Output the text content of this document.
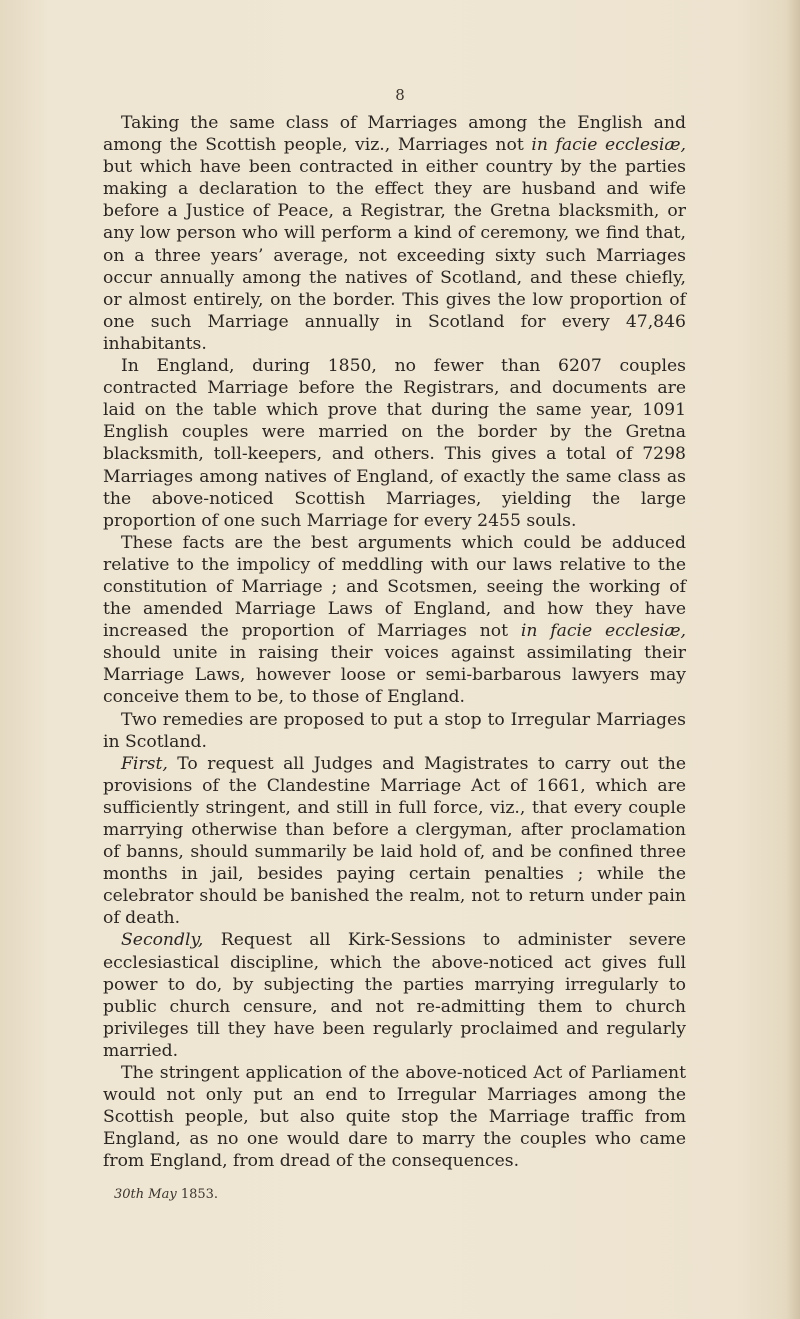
8

Taking the same class of Marriages among the English and among the Scottish people, viz., Marriages not in facie ecclesiæ, but which have been contracted in either country by the parties making a declaration to the effect they are husband and wife before a Justice of Peace, a Registrar, the Gretna blacksmith, or any low person who will perform a kind of ceremony, we find that, on a three years’ average, not exceeding sixty such Marriages occur annually among the natives of Scotland, and these chiefly, or almost entirely, on the border. This gives the low proportion of one such Marriage annually in Scotland for every 47,846 inhabitants.

In England, during 1850, no fewer than 6207 couples contracted Marriage before the Registrars, and documents are laid on the table which prove that during the same year, 1091 English couples were married on the border by the Gretna blacksmith, toll-keepers, and others. This gives a total of 7298 Marriages among natives of England, of exactly the same class as the above-noticed Scottish Marriages, yielding the large proportion of one such Marriage for every 2455 souls.

These facts are the best arguments which could be adduced relative to the impolicy of meddling with our laws relative to the constitution of Marriage ; and Scotsmen, seeing the working of the amended Marriage Laws of England, and how they have increased the proportion of Marriages not in facie ecclesiæ, should unite in raising their voices against assimilating their Marriage Laws, however loose or semi-barbarous lawyers may conceive them to be, to those of England.

Two remedies are proposed to put a stop to Irregular Marriages in Scotland.

First, To request all Judges and Magistrates to carry out the provisions of the Clandestine Marriage Act of 1661, which are sufficiently stringent, and still in full force, viz., that every couple marrying otherwise than before a clergyman, after proclamation of banns, should summarily be laid hold of, and be confined three months in jail, besides paying certain penalties ; while the celebrator should be banished the realm, not to return under pain of death.

Secondly, Request all Kirk-Sessions to administer severe ecclesiastical discipline, which the above-noticed act gives full power to do, by subjecting the parties marrying irregularly to public church censure, and not re-admitting them to church privileges till they have been regularly proclaimed and regularly married.

The stringent application of the above-noticed Act of Parliament would not only put an end to Irregular Marriages among the Scottish people, but also quite stop the Marriage traffic from England, as no one would dare to marry the couples who came from England, from dread of the consequences.

30th May 1853.
